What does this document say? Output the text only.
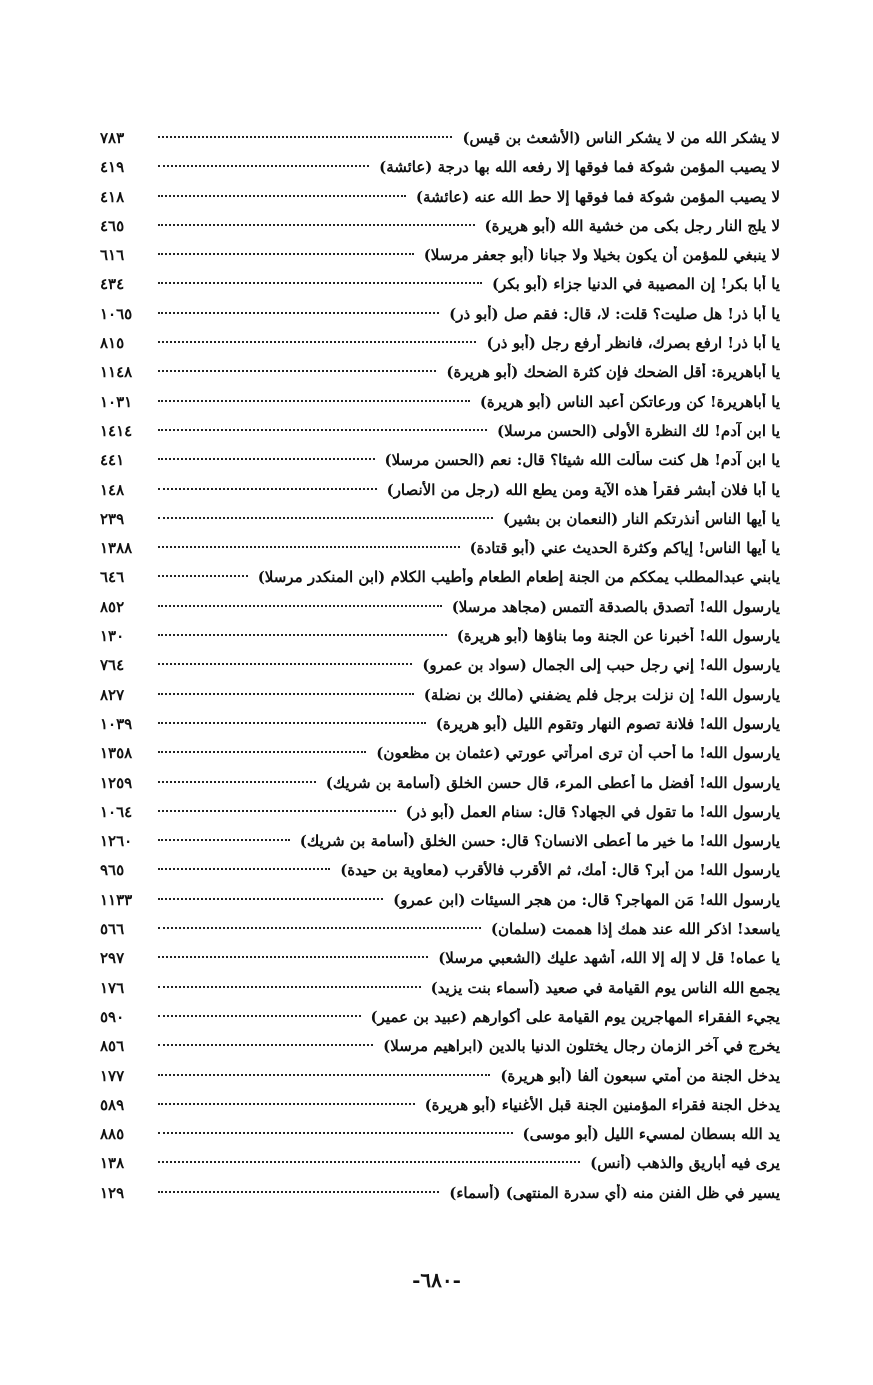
لا يشكر الله من لا يشكر الناس (الأشعث بن قيس)
٧٨٣
لا يصيب المؤمن شوكة فما فوقها إلا رفعه الله بها درجة (عائشة)
٤١٩
لا يصيب المؤمن شوكة فما فوقها إلا حط الله عنه (عائشة)
٤١٨
لا يلج النار رجل بكى من خشية الله (أبو هريرة)
٤٦٥
لا ينبغي للمؤمن أن يكون بخيلا ولا جبانا (أبو جعفر مرسلا)
٦١٦
يا أبا بكر! إن المصيبة في الدنيا جزاء (أبو بكر)
٤٣٤
يا أبا ذر! هل صليت؟ قلت: لا، قال: فقم صل (أبو ذر)
١٠٦٥
يا أبا ذر! ارفع بصرك، فانظر أرفع رجل (أبو ذر)
٨١٥
يا أباهريرة: أقل الضحك فإن كثرة الضحك (أبو هريرة)
١١٤٨
يا أباهريرة! كن ورعاتكن أعبد الناس (أبو هريرة)
١٠٣١
يا ابن آدم! لك النظرة الأولى (الحسن مرسلا)
١٤١٤
يا ابن آدم! هل كنت سألت الله شيئا؟ قال: نعم (الحسن مرسلا)
٤٤١
يا أبا فلان أبشر فقرأ هذه الآية ومن يطع الله (رجل من الأنصار)
١٤٨
يا أيها الناس أنذرتكم النار (النعمان بن بشير)
٢٣٩
يا أيها الناس! إياكم وكثرة الحديث عني (أبو قتادة)
١٣٨٨
يابني عبدالمطلب يمككم من الجنة إطعام الطعام وأطيب الكلام (ابن المنكدر مرسلا)
٦٤٦
يارسول الله! أتصدق بالصدقة ألتمس (مجاهد مرسلا)
٨٥٢
يارسول الله! أخبرنا عن الجنة وما بناؤها (أبو هريرة)
١٣٠
يارسول الله! إني رجل حبب إلى الجمال (سواد بن عمرو)
٧٦٤
يارسول الله! إن نزلت برجل فلم يضفني (مالك بن نضلة)
٨٢٧
يارسول الله! فلانة تصوم النهار وتقوم الليل (أبو هريرة)
١٠٣٩
يارسول الله! ما أحب أن ترى امرأتي عورتي (عثمان بن مظعون)
١٣٥٨
يارسول الله! أفضل ما أعطى المرء، قال حسن الخلق (أسامة بن شريك)
١٢٥٩
يارسول الله! ما تقول في الجهاد؟ قال: سنام العمل (أبو ذر)
١٠٦٤
يارسول الله! ما خير ما أعطى الانسان؟ قال: حسن الخلق (أسامة بن شريك)
١٢٦٠
يارسول الله! من أبر؟ قال: أمك، ثم الأقرب فالأقرب (معاوية بن حيدة)
٩٦٥
يارسول الله! مَن المهاجر؟ قال: من هجر السيئات (ابن عمرو)
١١٣٣
ياسعد! اذكر الله عند همك إذا هممت (سلمان)
٥٦٦
يا عماه! قل لا إله إلا الله، أشهد عليك (الشعبي مرسلا)
٢٩٧
يجمع الله الناس يوم القيامة في صعيد (أسماء بنت يزيد)
١٧٦
يجيء الفقراء المهاجرين يوم القيامة على أكوارهم (عبيد بن عمير)
٥٩٠
يخرج في آخر الزمان رجال يختلون الدنيا بالدين (ابراهيم مرسلا)
٨٥٦
يدخل الجنة من أمتي سبعون ألفا (أبو هريرة)
١٧٧
يدخل الجنة فقراء المؤمنين الجنة قبل الأغنياء (أبو هريرة)
٥٨٩
يد الله بسطان لمسيء الليل (أبو موسى)
٨٨٥
يرى فيه أباريق والذهب (أنس)
١٣٨
يسير في ظل الفنن منه (أي سدرة المنتهى) (أسماء)
١٢٩
-٦٨٠-
